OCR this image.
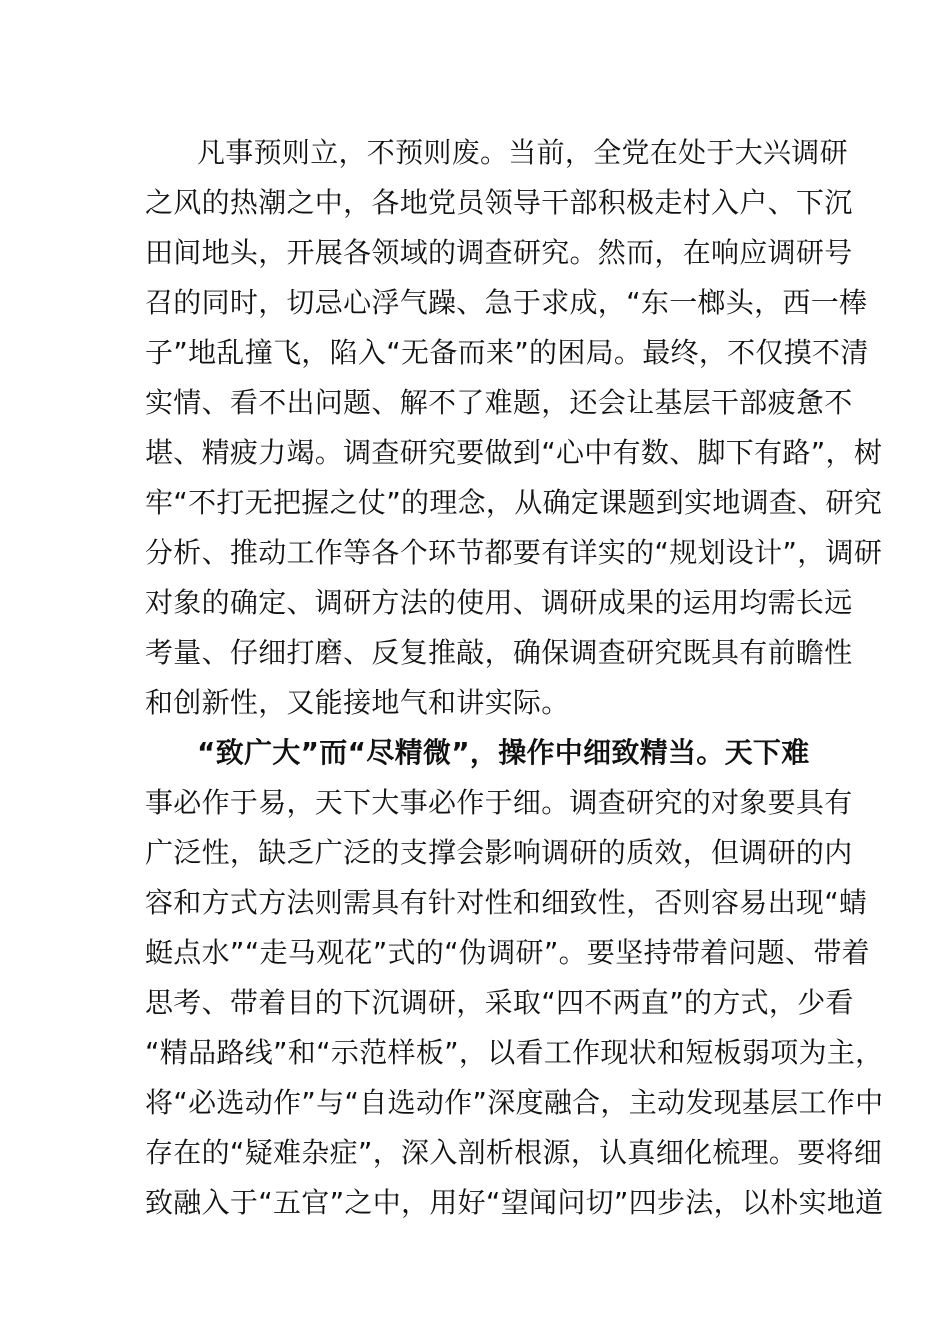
凡事预则立，不预则废。当前，全党在处于大兴调研
之风的热潮之中，各地党员领导干部积极走村入户、下沉
田间地头，开展各领域的调查研究。然而，在响应调研号
召的同时，切忌心浮气躁、急于求成，“东一榔头，西一棒
子”地乱撞飞，陷入“无备而来”的困局。最终，不仅摸不清
实情、看不出问题、解不了难题，还会让基层干部疲惫不
堪、精疲力竭。调查研究要做到“心中有数、脚下有路”，树
牢“不打无把握之仗”的理念，从确定课题到实地调查、研究
分析、推动工作等各个环节都要有详实的“规划设计”，调研
对象的确定、调研方法的使用、调研成果的运用均需长远
考量、仔细打磨、反复推敲，确保调查研究既具有前瞻性
和创新性，又能接地气和讲实际。
“致广大”而“尽精微”，操作中细致精当。天下难
事必作于易，天下大事必作于细。调查研究的对象要具有
广泛性，缺乏广泛的支撑会影响调研的质效，但调研的内
容和方式方法则需具有针对性和细致性，否则容易出现“蜻
蜓点水”“走马观花”式的“伪调研”。要坚持带着问题、带着
思考、带着目的下沉调研，采取“四不两直”的方式，少看
“精品路线”和“示范样板”，以看工作现状和短板弱项为主，
将“必选动作”与“自选动作”深度融合，主动发现基层工作中
存在的“疑难杂症”，深入剖析根源，认真细化梳理。要将细
致融入于“五官”之中，用好“望闻问切”四步法，以朴实地道
